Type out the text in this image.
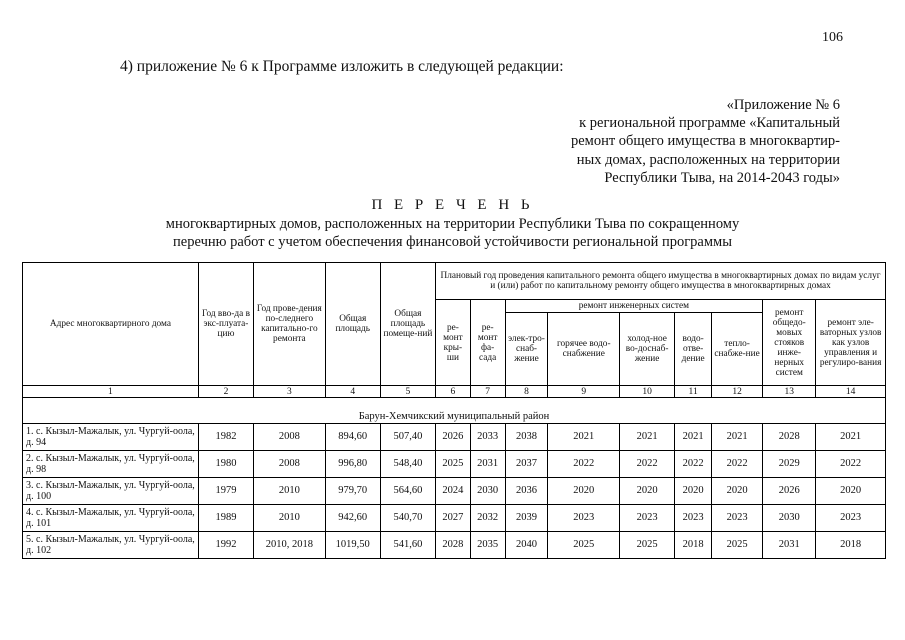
106
4) приложение № 6 к Программе изложить в следующей редакции:
«Приложение № 6
к региональной программе «Капитальный
ремонт общего имущества в многоквартир-
ных домах, расположенных на территории
Республики Тыва, на 2014-2043 годы»
П Е Р Е Ч Е Н Ь
многоквартирных домов, расположенных на территории Республики Тыва по сокращенному
перечню работ с учетом обеспечения финансовой устойчивости региональной программы
Адрес многоквартирного дома	Год вво-да в экс-плуата-цию	Год прове-дения по-следнего капитально-го ремонта	Общая площадь	Общая площадь помеще-ний	Плановый год проведения капитального ремонта общего имущества в многоквартирных домах по видам услуг и (или) работ по капитальному ремонту общего имущества в многоквартирных домах								
					ре-монт кры-ши	ре-монт фа-сада	ремонт инженерных систем					ремонт общедо-мовых стояков инже-нерных систем	ремонт эле-ваторных узлов как узлов управления и регулиро-вания
							элек-тро-снаб-жение	горячее водо-снабжение	холод-ное во-доснаб-жение	водо-отве-дение	тепло-снабже-ние		
1	2	3	4	5	6	7	8	9	10	11	12	13	14
Барун-Хемчикский муниципальный район													
1. с. Кызыл-Мажалык, ул. Чургуй-оола, д. 94	1982	2008	894,60	507,40	2026	2033	2038	2021	2021	2021	2021	2028	2021
2. с. Кызыл-Мажалык, ул. Чургуй-оола, д. 98	1980	2008	996,80	548,40	2025	2031	2037	2022	2022	2022	2022	2029	2022
3. с. Кызыл-Мажалык, ул. Чургуй-оола, д. 100	1979	2010	979,70	564,60	2024	2030	2036	2020	2020	2020	2020	2026	2020
4. с. Кызыл-Мажалык, ул. Чургуй-оола, д. 101	1989	2010	942,60	540,70	2027	2032	2039	2023	2023	2023	2023	2030	2023
5. с. Кызыл-Мажалык, ул. Чургуй-оола, д. 102	1992	2010, 2018	1019,50	541,60	2028	2035	2040	2025	2025	2018	2025	2031	2018
